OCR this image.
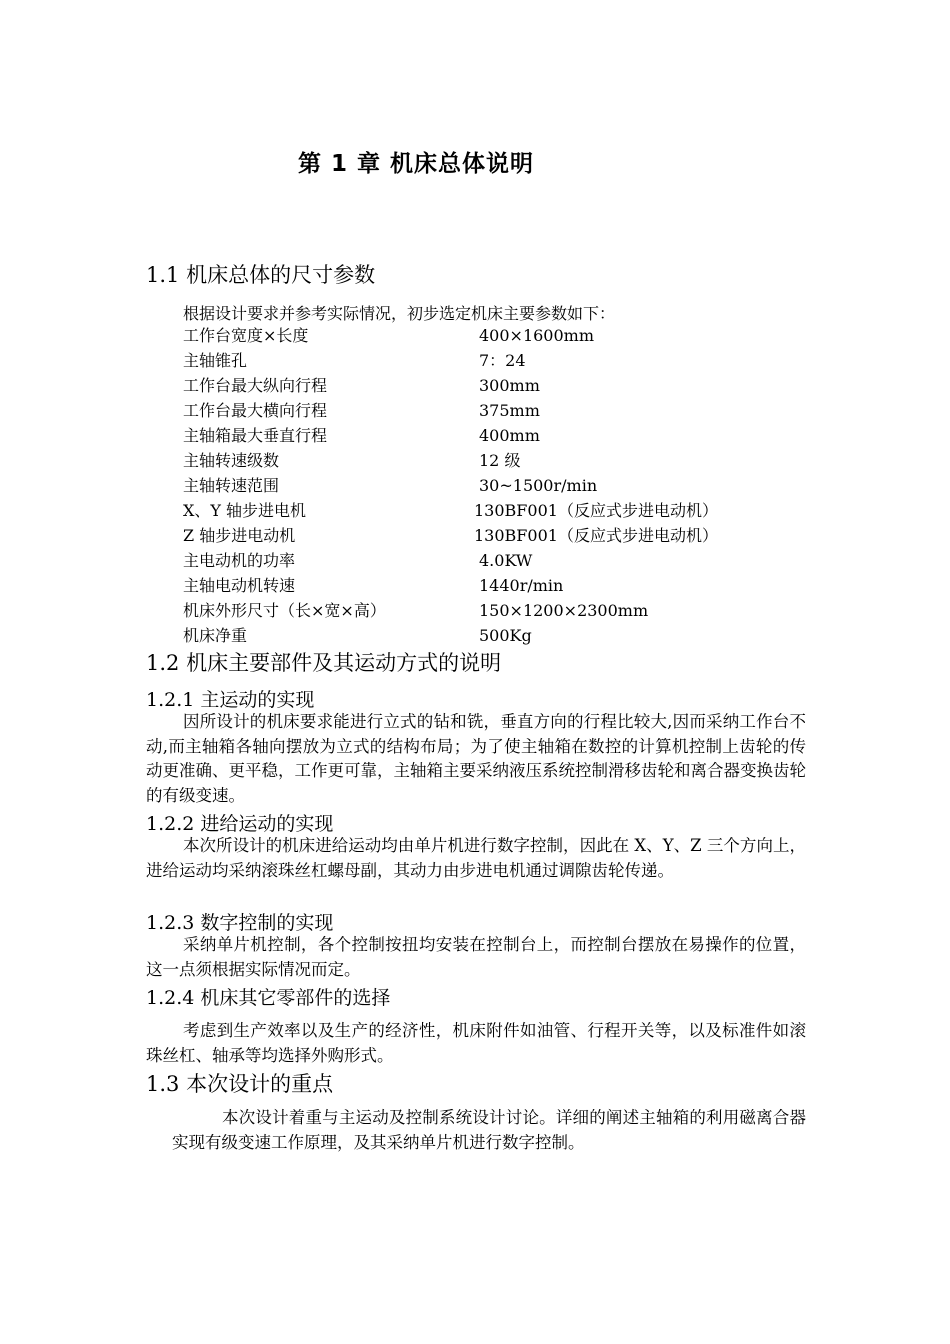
第 1 章 机床总体说明
1.1 机床总体的尺寸参数
根据设计要求并参考实际情况，初步选定机床主要参数如下：
工作台宽度×长度	400×1600mm
主轴锥孔	7：24
工作台最大纵向行程	300mm
工作台最大横向行程	375mm
主轴箱最大垂直行程	400mm
主轴转速级数	12 级
主轴转速范围	30~1500r/min
X、Y 轴步进电机	130BF001（反应式步进电动机）
Z 轴步进电动机	130BF001（反应式步进电动机）
主电动机的功率	4.0KW
主轴电动机转速	1440r/min
机床外形尺寸（长×宽×高）	150×1200×2300mm
机床净重	500Kg
1.2 机床主要部件及其运动方式的说明
1.2.1 主运动的实现

因所设计的机床要求能进行立式的钻和铣，垂直方向的行程比较大,因而采纳工作台不动,而主轴箱各轴向摆放为立式的结构布局；为了使主轴箱在数控的计算机控制上齿轮的传动更准确、更平稳，工作更可靠，主轴箱主要采纳液压系统控制滑移齿轮和离合器变换齿轮的有级变速。

1.2.2 进给运动的实现

本次所设计的机床进给运动均由单片机进行数字控制，因此在 X、Y、Z 三个方向上，进给运动均采纳滚珠丝杠螺母副，其动力由步进电机通过调隙齿轮传递。

1.2.3 数字控制的实现

采纳单片机控制，各个控制按扭均安装在控制台上，而控制台摆放在易操作的位置，这一点须根据实际情况而定。

1.2.4 机床其它零部件的选择

考虑到生产效率以及生产的经济性，机床附件如油管、行程开关等，以及标准件如滚珠丝杠、轴承等均选择外购形式。

1.3 本次设计的重点

本次设计着重与主运动及控制系统设计讨论。详细的阐述主轴箱的利用磁离合器实现有级变速工作原理，及其采纳单片机进行数字控制。
